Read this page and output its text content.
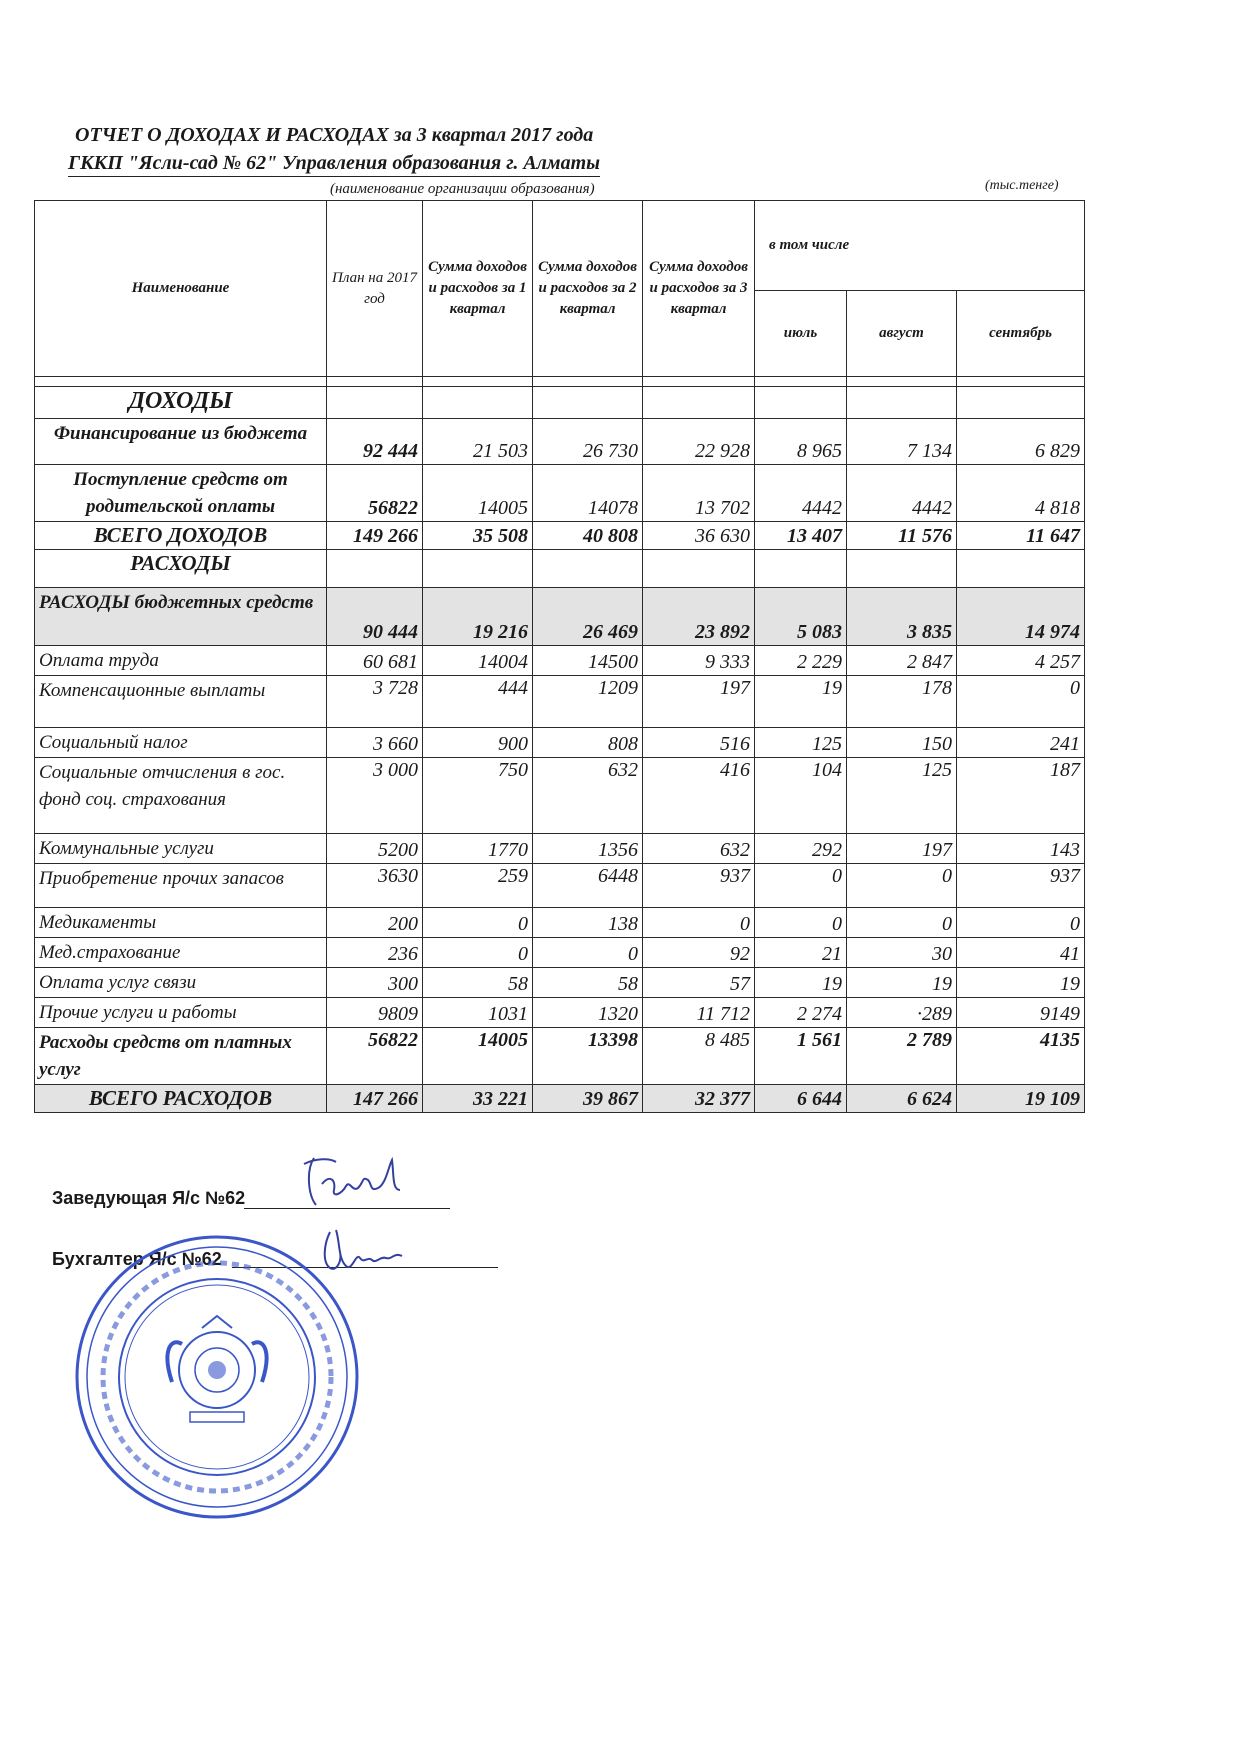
ОТЧЕТ О ДОХОДАХ И РАСХОДАХ за 3 квартал 2017 года
ГККП "Ясли-сад № 62" Управления образования г. Алматы
(наименование организации образования)	(тыс.тенге)
Наименование	План на 2017 год	Сумма доходов и расходов за 1 квартал	Сумма доходов и расходов за 2 квартал	Сумма доходов и расходов за 3 квартал	в том числе		
					июль	август	сентябрь

ДОХОДЫ							
Финансирование из бюджета	92 444	21 503	26 730	22 928	8 965	7 134	6 829
Поступление средств от родительской оплаты	56822	14005	14078	13 702	4442	4442	4 818
ВСЕГО ДОХОДОВ	149 266	35 508	40 808	36 630	13 407	11 576	11 647
РАСХОДЫ							
РАСХОДЫ бюджетных средств	90 444	19 216	26 469	23 892	5 083	3 835	14 974
Оплата труда	60 681	14004	14500	9 333	2 229	2 847	4 257
Компенсационные выплаты	3 728	444	1209	197	19	178	0
Социальный налог	3 660	900	808	516	125	150	241
Социальные отчисления в гос. фонд соц. страхования	3 000	750	632	416	104	125	187
Коммунальные услуги	5200	1770	1356	632	292	197	143
Приобретение прочих запасов	3630	259	6448	937	0	0	937
Медикаменты	200	0	138	0	0	0	0
Мед.страхование	236	0	0	92	21	30	41
Оплата услуг связи	300	58	58	57	19	19	19
Прочие услуги и работы	9809	1031	1320	11 712	2 274	·289	9149
Расходы средств от платных услуг	56822	14005	13398	8 485	1 561	2 789	4135
ВСЕГО РАСХОДОВ	147 266	33 221	39 867	32 377	6 644	6 624	19 109
Заведующая Я/с №62
Бухгалтер Я/с №62
